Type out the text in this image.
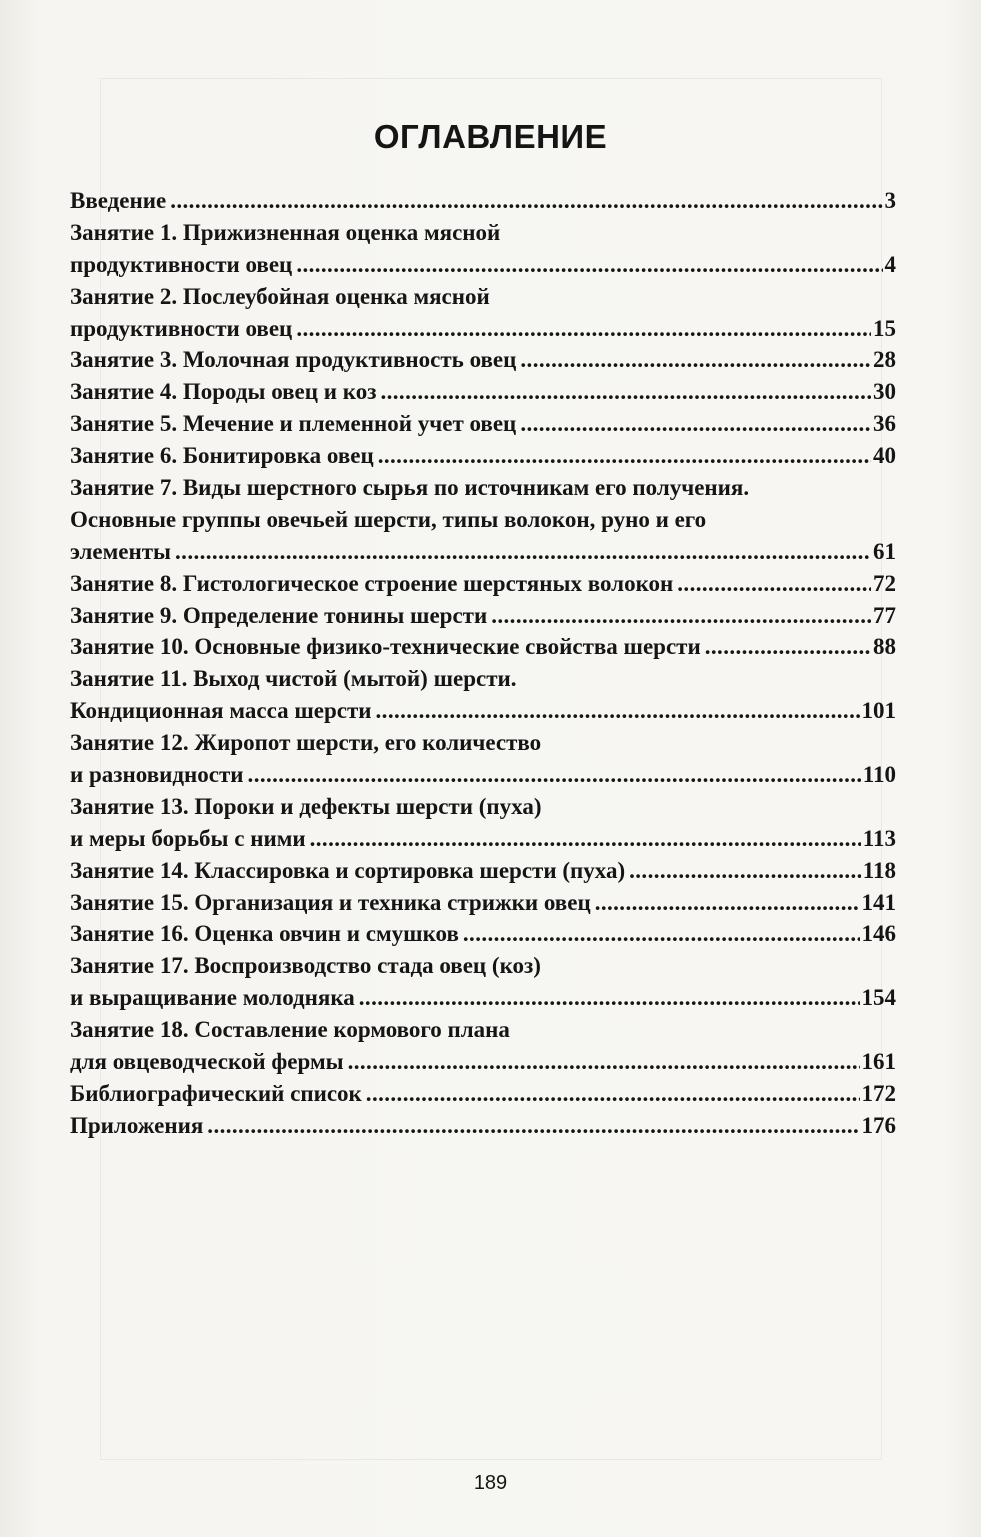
ОГЛАВЛЕНИЕ
Введение .....	3
Занятие 1. Прижизненная оценка мясной
продуктивности овец .....	4
Занятие 2. Послеубойная оценка мясной
продуктивности овец .....	15
Занятие 3. Молочная продуктивность овец .....	28
Занятие 4. Породы овец и коз .....	30
Занятие 5. Мечение и племенной учет овец .....	36
Занятие 6. Бонитировка овец .....	40
Занятие 7. Виды шерстного сырья по источникам его получения.
Основные группы овечьей шерсти, типы волокон, руно и его
элементы .....	61
Занятие 8. Гистологическое строение шерстяных волокон .....	72
Занятие 9. Определение тонины шерсти .....	77
Занятие 10. Основные физико-технические свойства шерсти .....	88
Занятие 11. Выход чистой (мытой) шерсти.
Кондиционная масса шерсти .....	101
Занятие 12. Жиропот шерсти, его количество
и разновидности .....	110
Занятие 13. Пороки и дефекты шерсти (пуха)
и меры борьбы с ними .....	113
Занятие 14. Классировка и сортировка шерсти (пуха) .....	118
Занятие 15. Организация и техника стрижки овец .....	141
Занятие 16. Оценка овчин и смушков .....	146
Занятие 17. Воспроизводство стада овец (коз)
и выращивание молодняка .....	154
Занятие 18. Составление кормового плана
для овцеводческой фермы .....	161
Библиографический список .....	172
Приложения .....	176
189
